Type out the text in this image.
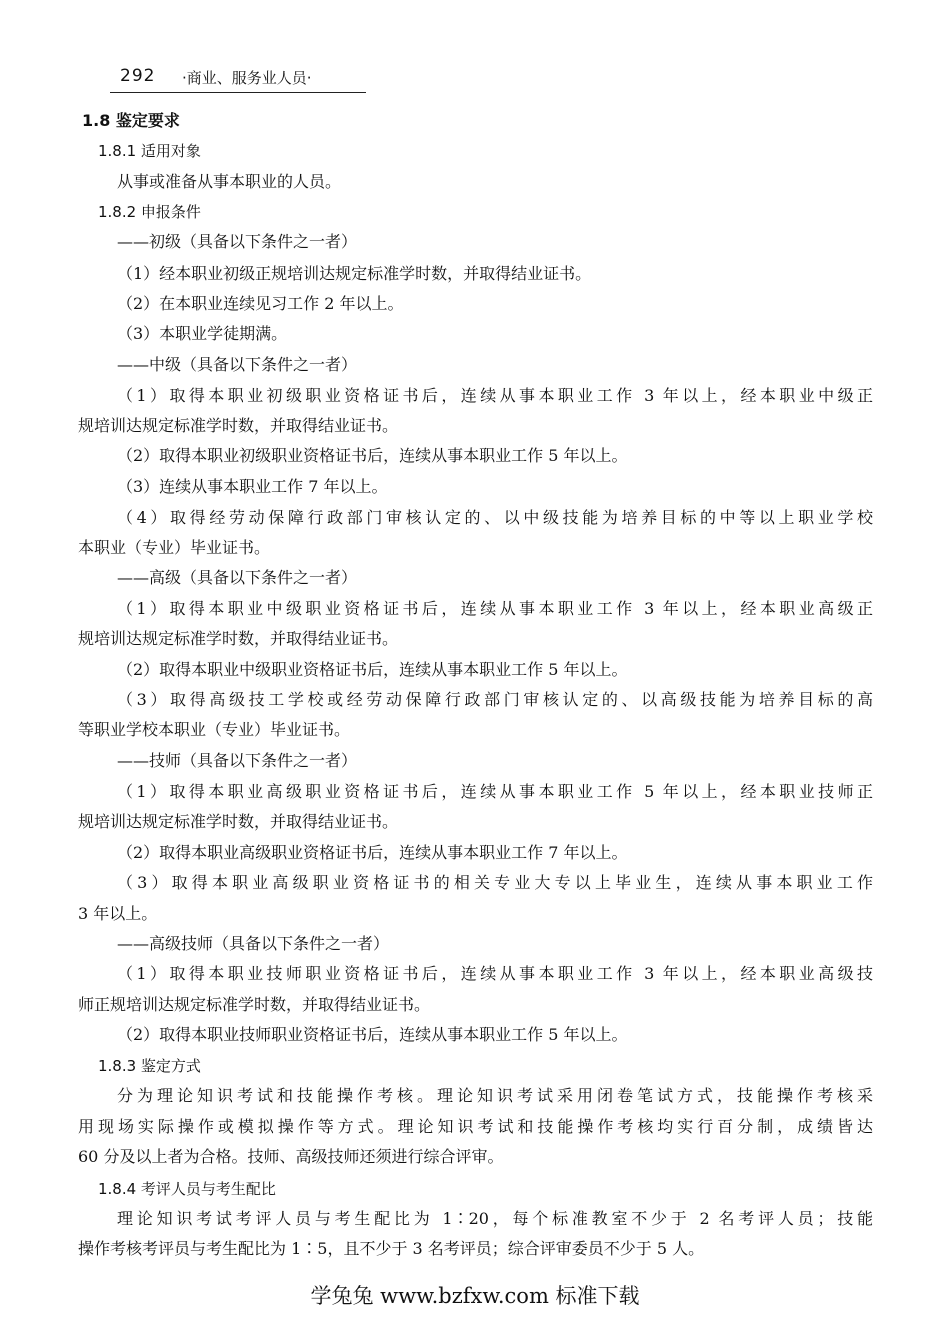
292 ·商业、服务业人员·
1.8 鉴定要求
1.8.1 适用对象
从事或准备从事本职业的人员。
1.8.2 申报条件
——初级（具备以下条件之一者）
（1）经本职业初级正规培训达规定标准学时数，并取得结业证书。
（2）在本职业连续见习工作 2 年以上。
（3）本职业学徒期满。
——中级（具备以下条件之一者）
（1）取得本职业初级职业资格证书后，连续从事本职业工作 3 年以上，经本职业中级正
规培训达规定标准学时数，并取得结业证书。
（2）取得本职业初级职业资格证书后，连续从事本职业工作 5 年以上。
（3）连续从事本职业工作 7 年以上。
（4）取得经劳动保障行政部门审核认定的、以中级技能为培养目标的中等以上职业学校
本职业（专业）毕业证书。
——高级（具备以下条件之一者）
（1）取得本职业中级职业资格证书后，连续从事本职业工作 3 年以上，经本职业高级正
规培训达规定标准学时数，并取得结业证书。
（2）取得本职业中级职业资格证书后，连续从事本职业工作 5 年以上。
（3）取得高级技工学校或经劳动保障行政部门审核认定的、以高级技能为培养目标的高
等职业学校本职业（专业）毕业证书。
——技师（具备以下条件之一者）
（1）取得本职业高级职业资格证书后，连续从事本职业工作 5 年以上，经本职业技师正
规培训达规定标准学时数，并取得结业证书。
（2）取得本职业高级职业资格证书后，连续从事本职业工作 7 年以上。
（3）取得本职业高级职业资格证书的相关专业大专以上毕业生，连续从事本职业工作
3 年以上。
——高级技师（具备以下条件之一者）
（1）取得本职业技师职业资格证书后，连续从事本职业工作 3 年以上，经本职业高级技
师正规培训达规定标准学时数，并取得结业证书。
（2）取得本职业技师职业资格证书后，连续从事本职业工作 5 年以上。
1.8.3 鉴定方式
分为理论知识考试和技能操作考核。理论知识考试采用闭卷笔试方式，技能操作考核采
用现场实际操作或模拟操作等方式。理论知识考试和技能操作考核均实行百分制，成绩皆达
60 分及以上者为合格。技师、高级技师还须进行综合评审。
1.8.4 考评人员与考生配比
理论知识考试考评人员与考生配比为 1∶20，每个标准教室不少于 2 名考评人员；技能
操作考核考评员与考生配比为 1∶5，且不少于 3 名考评员；综合评审委员不少于 5 人。
学兔兔 www.bzfxw.com 标准下载
